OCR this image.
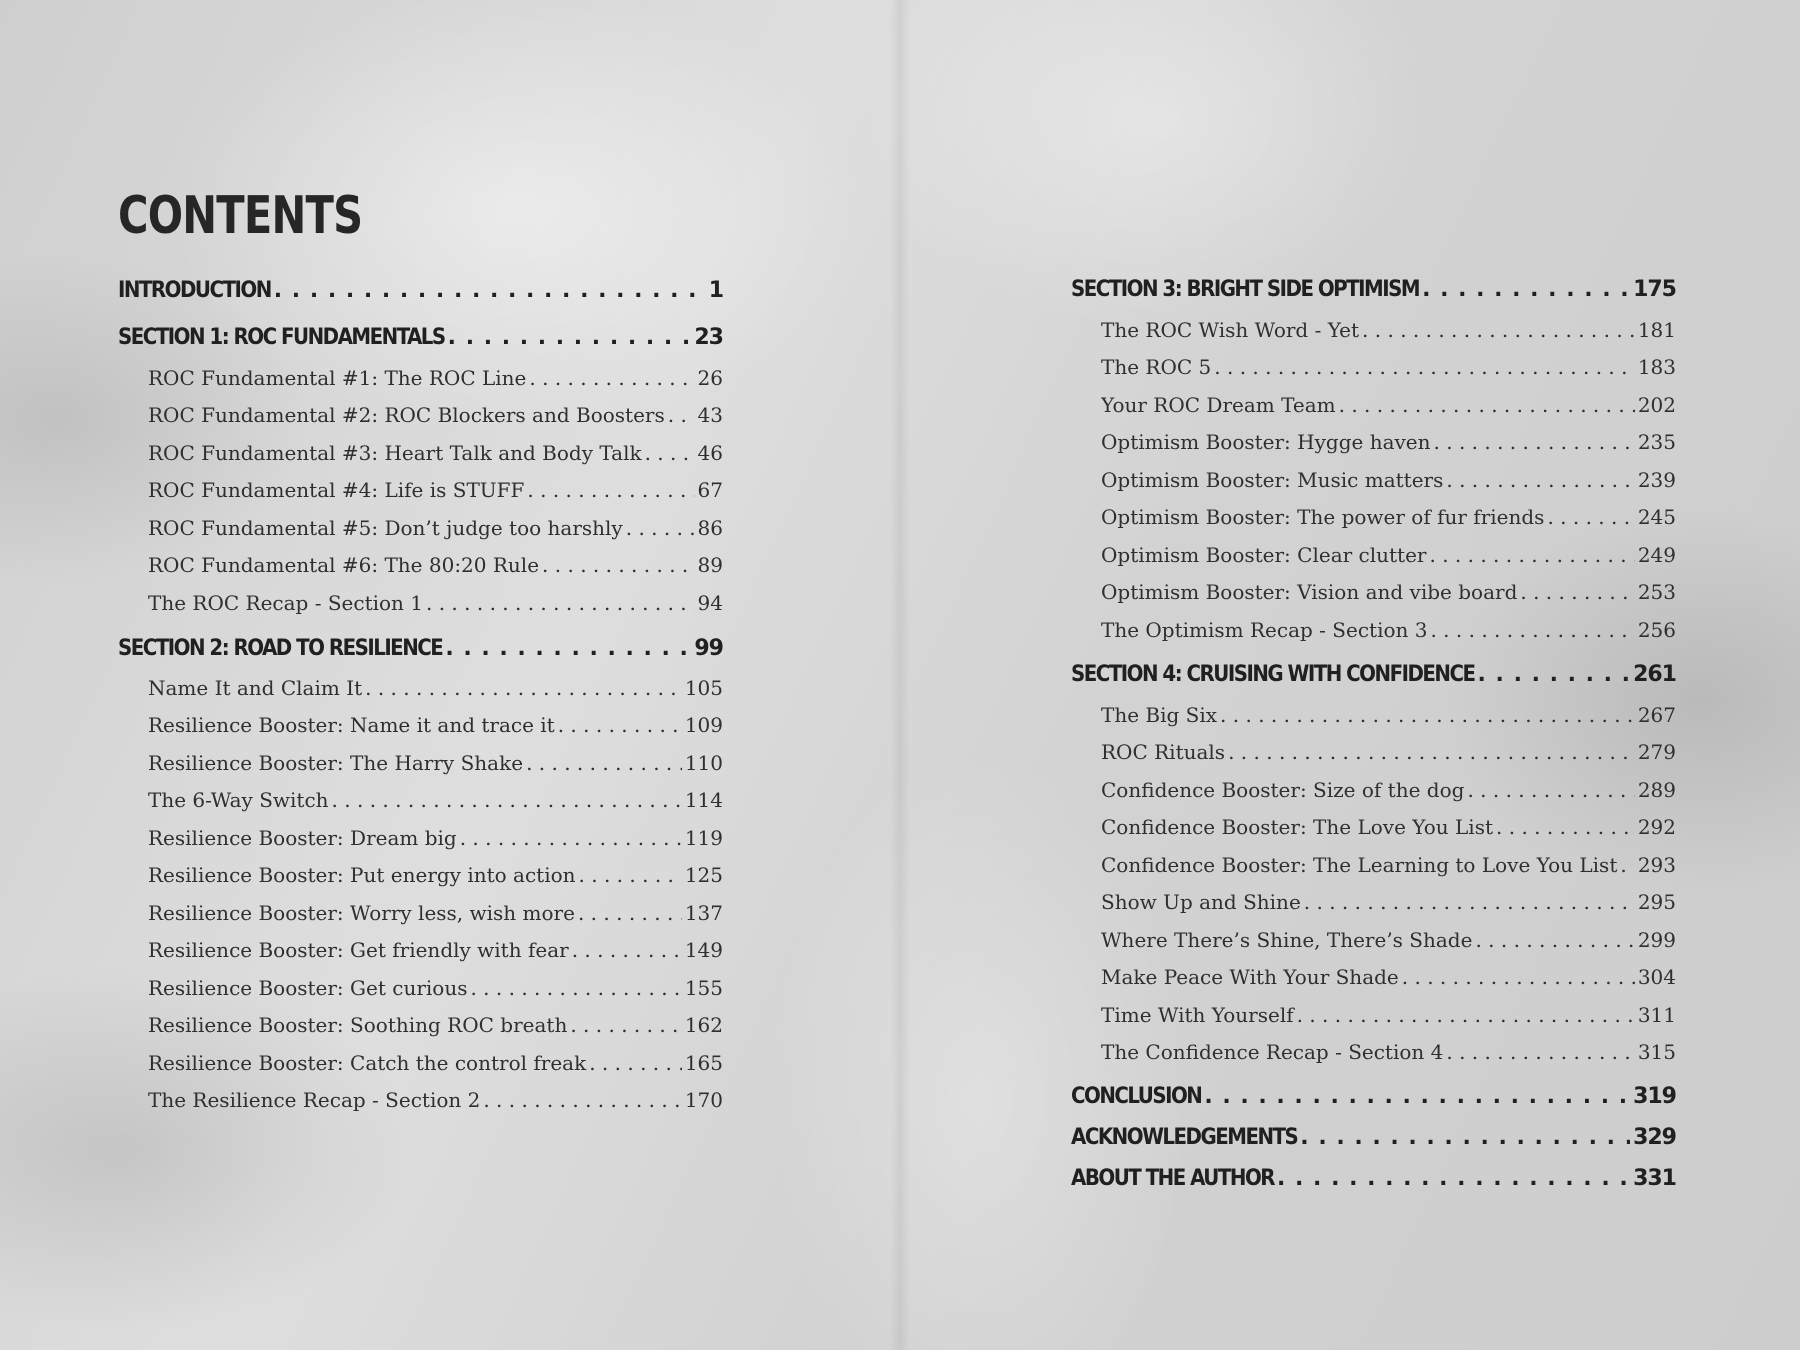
CONTENTS
INTRODUCTION . . .	1
SECTION 1: ROC FUNDAMENTALS . . .	23
ROC Fundamental #1: The ROC Line . . .	26
ROC Fundamental #2: ROC Blockers and Boosters . . . 43
ROC Fundamental #3: Heart Talk and Body Talk . . .	46
ROC Fundamental #4: Life is STUFF . . .	67
ROC Fundamental #5: Don’t judge too harshly . . .	86
ROC Fundamental #6: The 80:20 Rule . . .	89
The ROC Recap - Section 1 . . .	94
SECTION 2: ROAD TO RESILIENCE . . .	99
Name It and Claim It . . .	105
Resilience Booster: Name it and trace it . . .	109
Resilience Booster: The Harry Shake . . .	110
The 6-Way Switch . . .	114
Resilience Booster: Dream big . . .	119
Resilience Booster: Put energy into action . . .	125
Resilience Booster: Worry less, wish more . . .	137
Resilience Booster: Get friendly with fear . . .	149
Resilience Booster: Get curious . . .	155
Resilience Booster: Soothing ROC breath . . .	162
Resilience Booster: Catch the control freak . . .	165
The Resilience Recap - Section 2 . . .	170
SECTION 3: BRIGHT SIDE OPTIMISM . . .	175
The ROC Wish Word - Yet . . .	181
The ROC 5 . . .	183
Your ROC Dream Team . . .	202
Optimism Booster: Hygge haven . . .	235
Optimism Booster: Music matters . . .	239
Optimism Booster: The power of fur friends . . .	245
Optimism Booster: Clear clutter . . .	249
Optimism Booster: Vision and vibe board . . .	253
The Optimism Recap - Section 3 . . .	256
SECTION 4: CRUISING WITH CONFIDENCE . . .	261
The Big Six . . .	267
ROC Rituals . . .	279
Confidence Booster: Size of the dog . . .	289
Confidence Booster: The Love You List . . .	292
Confidence Booster: The Learning to Love You List . . . 293
Show Up and Shine . . .	295
Where There’s Shine, There’s Shade . . .	299
Make Peace With Your Shade . . .	304
Time With Yourself . . .	311
The Confidence Recap - Section 4 . . .	315
CONCLUSION . . .	319
ACKNOWLEDGEMENTS . . .	329
ABOUT THE AUTHOR . . .	331
